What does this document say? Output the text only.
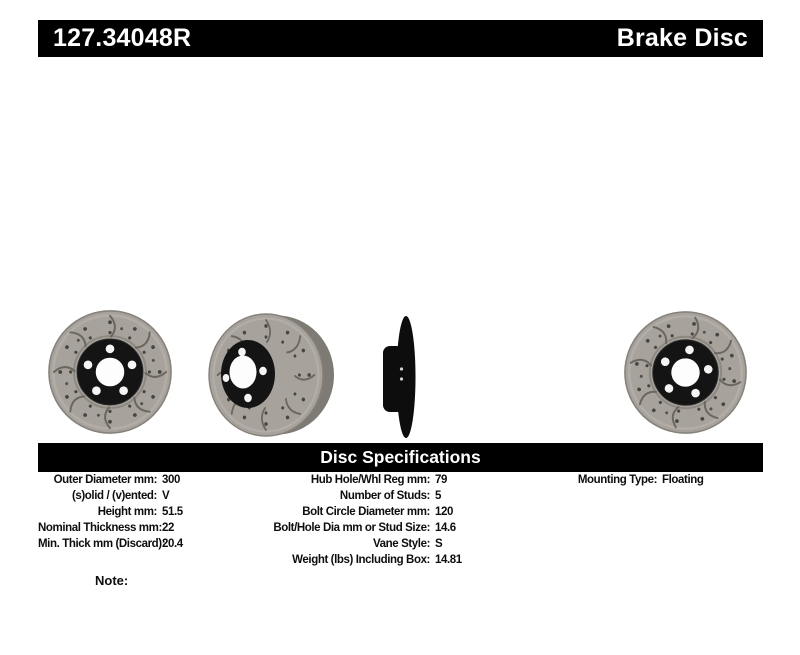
127.34048R	Brake Disc
Disc Specifications
Outer Diameter mm: 300
(s)olid / (v)ented: V
Height mm: 51.5
Nominal Thickness mm: 22
Min. Thick mm (Discard):
20.4
Hub Hole/Whl Reg mm: 79
Number of Studs: 5
Bolt Circle Diameter mm: 120
Bolt/Hole Dia mm or Stud Size: 14.6
Vane Style: S
Weight (lbs) Including Box: 14.81
Mounting Type: Floating
Note:
